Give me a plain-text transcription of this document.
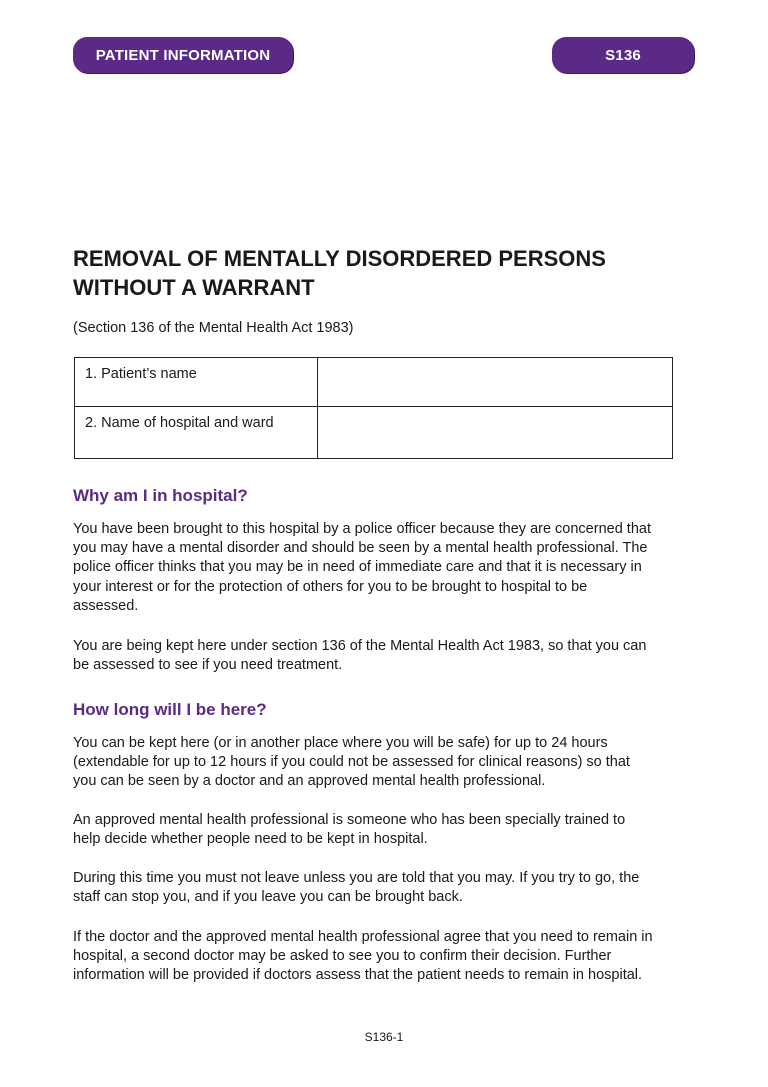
PATIENT INFORMATION	S136
REMOVAL OF MENTALLY DISORDERED PERSONS
WITHOUT A WARRANT

(Section 136 of the Mental Health Act 1983)

1. Patient’s name	
2. Name of hospital and ward	
Why am I in hospital?

You have been brought to this hospital by a police officer because they are concerned that
you may have a mental disorder and should be seen by a mental health professional. The
police officer thinks that you may be in need of immediate care and that it is necessary in
your interest or for the protection of others for you to be brought to hospital to be
assessed.

You are being kept here under section 136 of the Mental Health Act 1983, so that you can
be assessed to see if you need treatment.

How long will I be here?

You can be kept here (or in another place where you will be safe) for up to 24 hours
(extendable for up to 12 hours if you could not be assessed for clinical reasons) so that
you can be seen by a doctor and an approved mental health professional.

An approved mental health professional is someone who has been specially trained to
help decide whether people need to be kept in hospital.

During this time you must not leave unless you are told that you may. If you try to go, the
staff can stop you, and if you leave you can be brought back.

If the doctor and the approved mental health professional agree that you need to remain in
hospital, a second doctor may be asked to see you to confirm their decision. Further
information will be provided if doctors assess that the patient needs to remain in hospital.

S136-1
